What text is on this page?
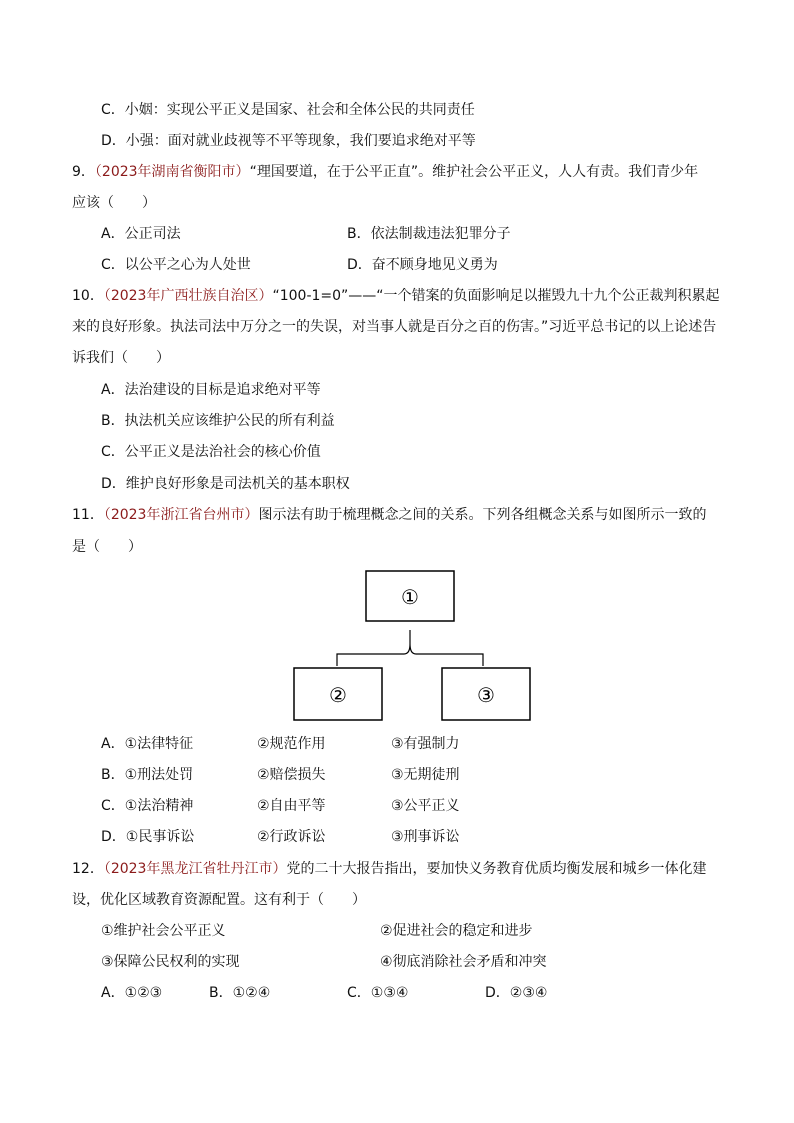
C．小姻：实现公平正义是国家、社会和全体公民的共同责任
D．小强：面对就业歧视等不平等现象，我们要追求绝对平等
9．（2023年湖南省衡阳市）“理国要道，在于公平正直”。维护社会公平正义，人人有责。我们青少年
应该（　　）
A．公正司法	B．依法制裁违法犯罪分子
C．以公平之心为人处世	D．奋不顾身地见义勇为
10．（2023年广西壮族自治区）“100-1=0”——“一个错案的负面影响足以摧毁九十九个公正裁判积累起
来的良好形象。执法司法中万分之一的失误，对当事人就是百分之百的伤害。”习近平总书记的以上论述告
诉我们（　　）
A．法治建设的目标是追求绝对平等
B．执法机关应该维护公民的所有利益
C．公平正义是法治社会的核心价值
D．维护良好形象是司法机关的基本职权
11．（2023年浙江省台州市）图示法有助于梳理概念之间的关系。下列各组概念关系与如图所示一致的
是（　　）
①
②	③
A．①法律特征	②规范作用	③有强制力
B．①刑法处罚	②赔偿损失	③无期徒刑
C．①法治精神	②自由平等	③公平正义
D．①民事诉讼	②行政诉讼	③刑事诉讼
12．（2023年黑龙江省牡丹江市）党的二十大报告指出，要加快义务教育优质均衡发展和城乡一体化建
设，优化区域教育资源配置。这有利于（　　）
①维护社会公平正义	②促进社会的稳定和进步
③保障公民权利的实现	④彻底消除社会矛盾和冲突
A．①②③	B．①②④	C．①③④	D．②③④
